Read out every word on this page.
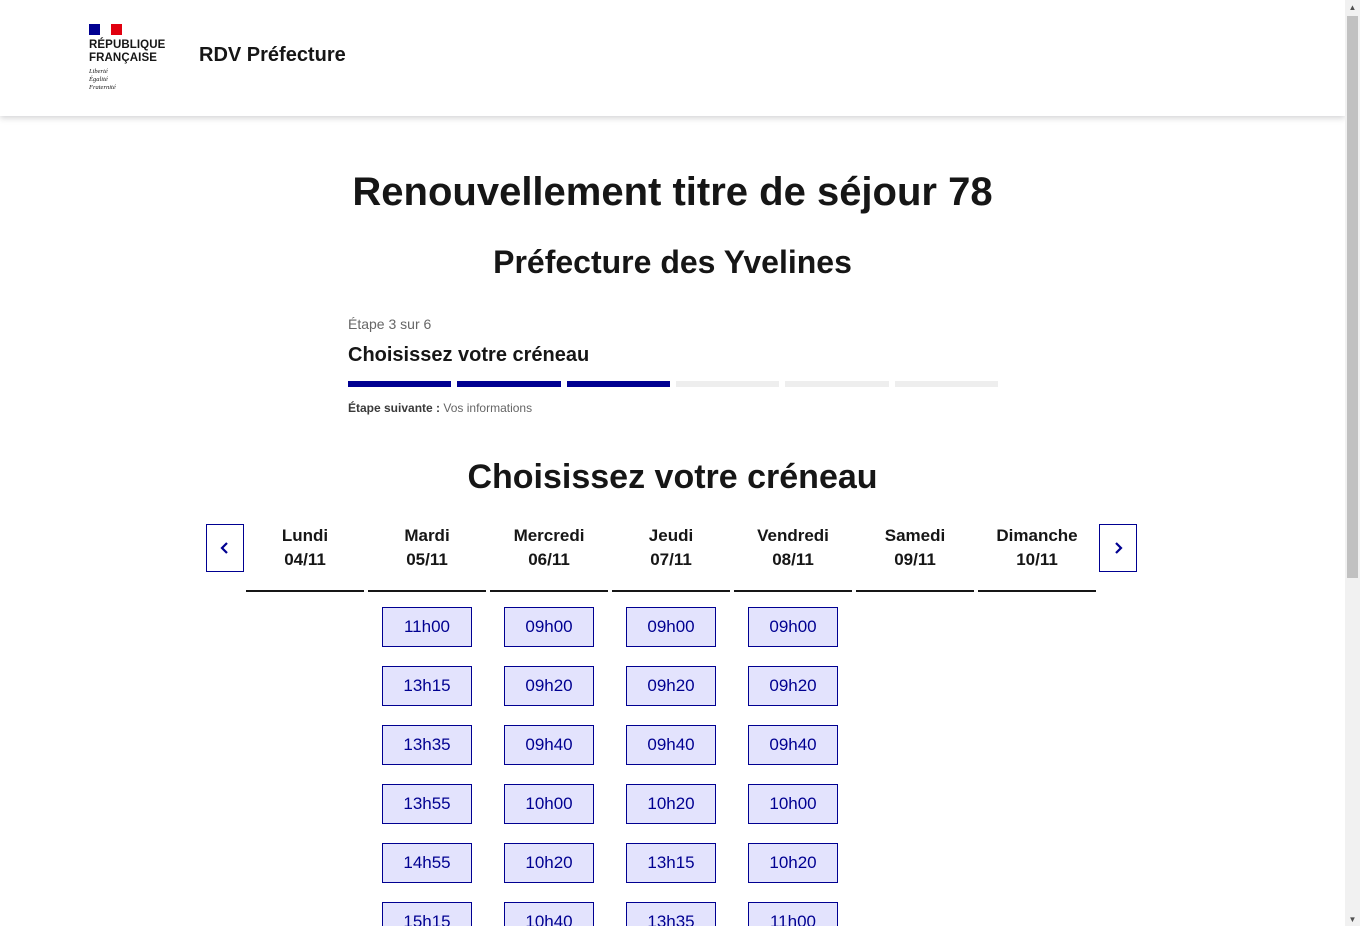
RÉPUBLIQUE
FRANÇAISE
Liberté
Égalité
Fraternité
RDV Préfecture
Renouvellement titre de séjour 78
Préfecture des Yvelines
Étape 3 sur 6
Choisissez votre créneau
Étape suivante : Vos informations
Choisissez votre créneau
Lundi
04/11
Mardi
05/11
11h00
13h15
13h35
13h55
14h55
15h15
Mercredi
06/11
09h00
09h20
09h40
10h00
10h20
10h40
Jeudi
07/11
09h00
09h20
09h40
10h20
13h15
13h35
Vendredi
08/11
09h00
09h20
09h40
10h00
10h20
11h00
Samedi
09/11
Dimanche
10/11
▲
▼
